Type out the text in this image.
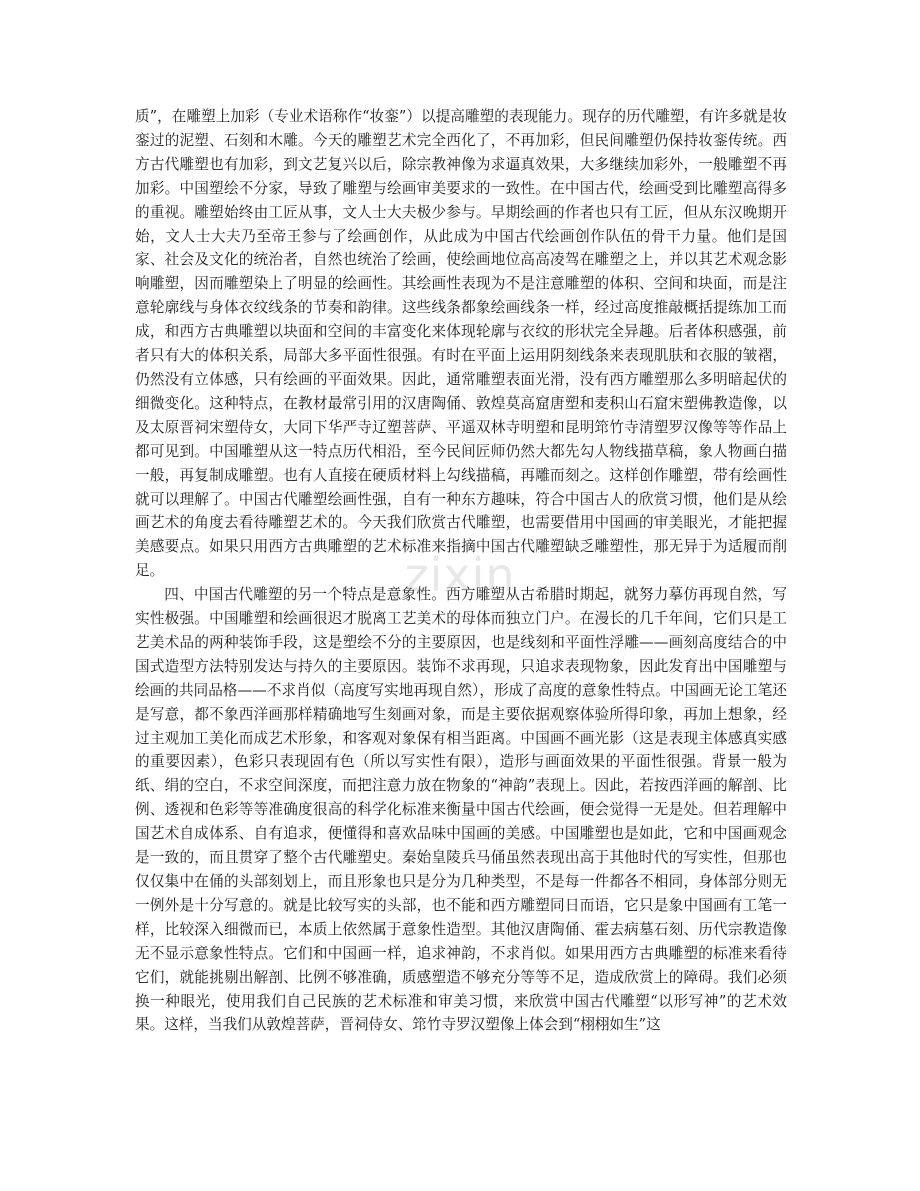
质”，在雕塑上加彩（专业术语称作“妆銮”）以提高雕塑的表现能力。现存的历代雕塑，有许多就是妆銮过的泥塑、石刻和木雕。今天的雕塑艺术完全西化了，不再加彩，但民间雕塑仍保持妆銮传统。西方古代雕塑也有加彩，到文艺复兴以后，除宗教神像为求逼真效果，大多继续加彩外，一般雕塑不再加彩。中国塑绘不分家，导致了雕塑与绘画审美要求的一致性。在中国古代，绘画受到比雕塑高得多的重视。雕塑始终由工匠从事，文人士大夫极少参与。早期绘画的作者也只有工匠，但从东汉晚期开始，文人士大夫乃至帝王参与了绘画创作，从此成为中国古代绘画创作队伍的骨干力量。他们是国家、社会及文化的统治者，自然也统治了绘画，使绘画地位高高凌驾在雕塑之上，并以其艺术观念影响雕塑，因而雕塑染上了明显的绘画性。其绘画性表现为不是注意雕塑的体积、空间和块面，而是注意轮廓线与身体衣纹线条的节奏和韵律。这些线条都象绘画线条一样，经过高度推敲概括提练加工而成，和西方古典雕塑以块面和空间的丰富变化来体现轮廓与衣纹的形状完全异趣。后者体积感强，前者只有大的体积关系，局部大多平面性很强。有时在平面上运用阴刻线条来表现肌肤和衣服的皱褶，仍然没有立体感，只有绘画的平面效果。因此，通常雕塑表面光滑，没有西方雕塑那么多明暗起伏的细微变化。这种特点，在教材最常引用的汉唐陶俑、敦煌莫高窟唐塑和麦积山石窟宋塑佛教造像，以及太原晋祠宋塑侍女，大同下华严寺辽塑菩萨、平遥双林寺明塑和昆明筇竹寺清塑罗汉像等等作品上都可见到。中国雕塑从这一特点历代相沿，至今民间匠师仍然大都先勾人物线描草稿，象人物画白描一般，再复制成雕塑。也有人直接在硬质材料上勾线描稿，再雕而刻之。这样创作雕塑，带有绘画性就可以理解了。中国古代雕塑绘画性强，自有一种东方趣味，符合中国古人的欣赏习惯，他们是从绘画艺术的角度去看待雕塑艺术的。今天我们欣赏古代雕塑，也需要借用中国画的审美眼光，才能把握美感要点。如果只用西方古典雕塑的艺术标准来指摘中国古代雕塑缺乏雕塑性，那无异于为适履而削足。

四、中国古代雕塑的另一个特点是意象性。西方雕塑从古希腊时期起，就努力摹仿再现自然，写实性极强。中国雕塑和绘画很迟才脱离工艺美术的母体而独立门户。在漫长的几千年间，它们只是工艺美术品的两种装饰手段，这是塑绘不分的主要原因，也是线刻和平面性浮雕——画刻高度结合的中国式造型方法特别发达与持久的主要原因。装饰不求再现，只追求表现物象，因此发育出中国雕塑与绘画的共同品格——不求肖似（高度写实地再现自然），形成了高度的意象性特点。中国画无论工笔还是写意，都不象西洋画那样精确地写生刻画对象，而是主要依据观察体验所得印象，再加上想象，经过主观加工美化而成艺术形象，和客观对象保有相当距离。中国画不画光影（这是表现主体感真实感的重要因素），色彩只表现固有色（所以写实性有限），造形与画面效果的平面性很强。背景一般为纸、绢的空白，不求空间深度，而把注意力放在物象的“神韵”表现上。因此，若按西洋画的解剖、比例、透视和色彩等等准确度很高的科学化标准来衡量中国古代绘画，便会觉得一无是处。但若理解中国艺术自成体系、自有追求，便懂得和喜欢品味中国画的美感。中国雕塑也是如此，它和中国画观念是一致的，而且贯穿了整个古代雕塑史。秦始皇陵兵马俑虽然表现出高于其他时代的写实性，但那也仅仅集中在俑的头部刻划上，而且形象也只是分为几种类型，不是每一件都各不相同，身体部分则无一例外是十分写意的。就是比较写实的头部，也不能和西方雕塑同日而语，它只是象中国画有工笔一样，比较深入细微而已，本质上依然属于意象性造型。其他汉唐陶俑、霍去病墓石刻、历代宗教造像无不显示意象性特点。它们和中国画一样，追求神韵，不求肖似。如果用西方古典雕塑的标准来看待它们，就能挑剔出解剖、比例不够准确，质感塑造不够充分等等不足，造成欣赏上的障碍。我们必须换一种眼光，使用我们自己民族的艺术标准和审美习惯，来欣赏中国古代雕塑“以形写神”的艺术效果。这样，当我们从敦煌菩萨，晋祠侍女、筇竹寺罗汉塑像上体会到“栩栩如生”这

zixin
